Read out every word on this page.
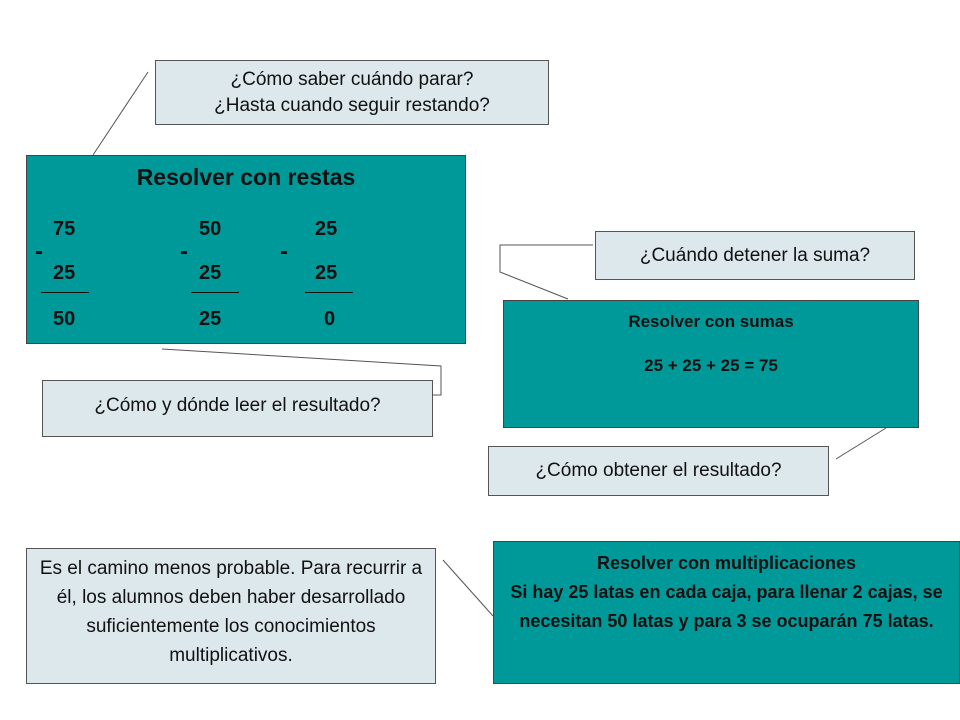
¿Cómo saber cuándo parar?
¿Hasta cuando seguir restando?
Resolver con restas
75	50	25
-	-	-
25	25	25
50	25	0
¿Cómo y dónde leer el resultado?
¿Cuándo detener la suma?
Resolver con sumas
25 + 25 + 25 = 75
¿Cómo obtener el resultado?
Es el camino menos probable. Para recurrir a él, los alumnos deben haber desarrollado suficientemente los conocimientos multiplicativos.
Resolver con multiplicaciones
Si hay 25 latas en cada caja, para llenar 2 cajas, se necesitan 50 latas y para 3 se ocuparán 75 latas.
